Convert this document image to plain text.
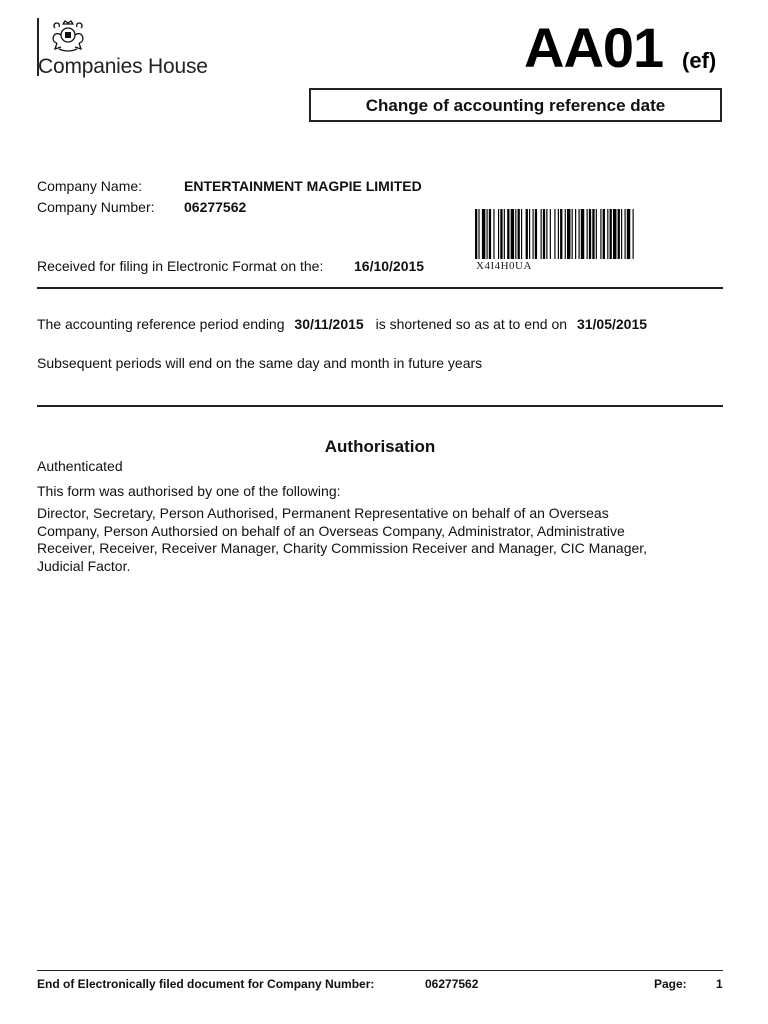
Companies House	AA01 (ef)
Change of accounting reference date
Company Name:	ENTERTAINMENT MAGPIE LIMITED
Company Number: 06277562
X4I4H0UA
Received for filing in Electronic Format on the: 16/10/2015
The accounting reference period ending 30/11/2015 is shortened so as at to end on 31/05/2015
Subsequent periods will end on the same day and month in future years
Authorisation
Authenticated
This form was authorised by one of the following:
Director, Secretary, Person Authorised, Permanent Representative on behalf of an Overseas
Company, Person Authorsied on behalf of an Overseas Company, Administrator, Administrative
Receiver, Receiver, Receiver Manager, Charity Commission Receiver and Manager, CIC Manager,
Judicial Factor.
End of Electronically filed document for Company Number:	06277562	Page: 1
